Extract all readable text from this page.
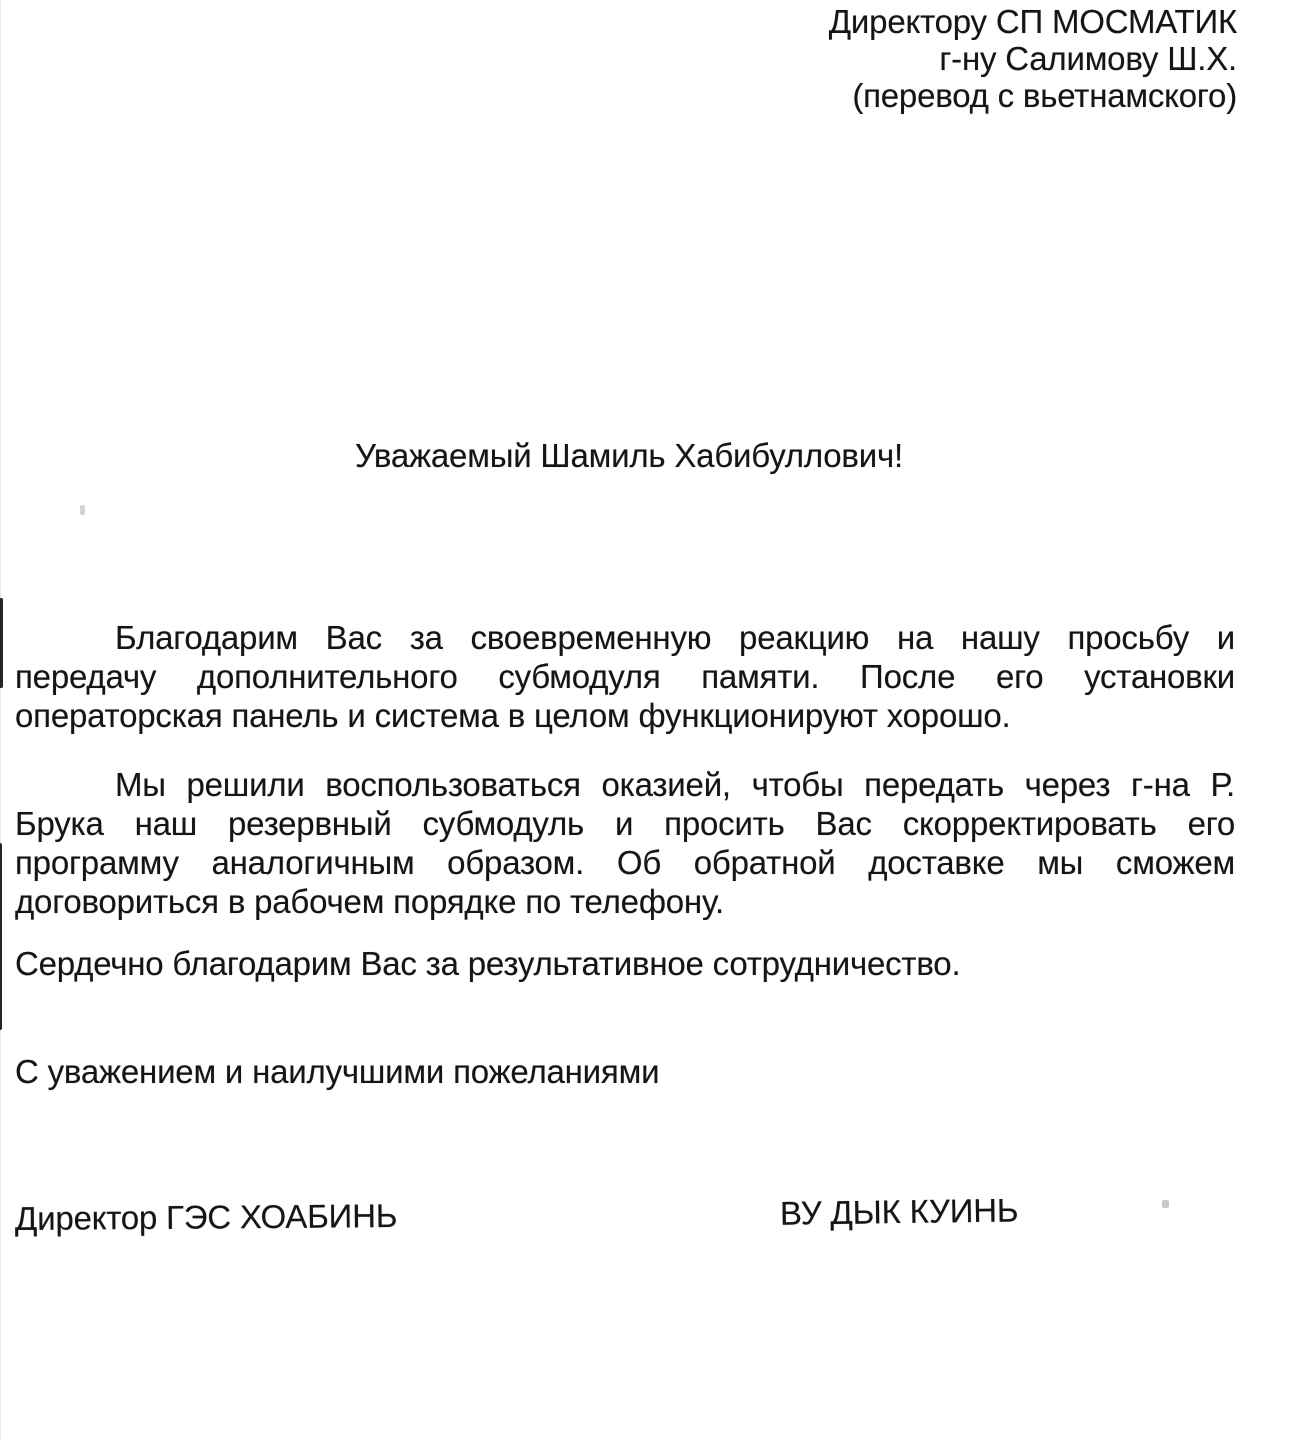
Директору СП МОСМАТИК
г-ну Салимову Ш.Х.
(перевод с вьетнамского)
Уважаемый Шамиль Хабибуллович!
Благодарим Вас за своевременную реакцию на нашу просьбу и
передачу дополнительного субмодуля памяти. После его установки
операторская панель и система в целом функционируют хорошо.
Мы решили воспользоваться оказией, чтобы передать через г-на Р.
Брука наш резервный субмодуль и просить Вас скорректировать его
программу аналогичным образом. Об обратной доставке мы сможем
договориться в рабочем порядке по телефону.
Сердечно благодарим Вас за результативное сотрудничество.
С уважением и наилучшими пожеланиями
Директор ГЭС ХОАБИНЬ	ВУ ДЫК КУИНЬ
